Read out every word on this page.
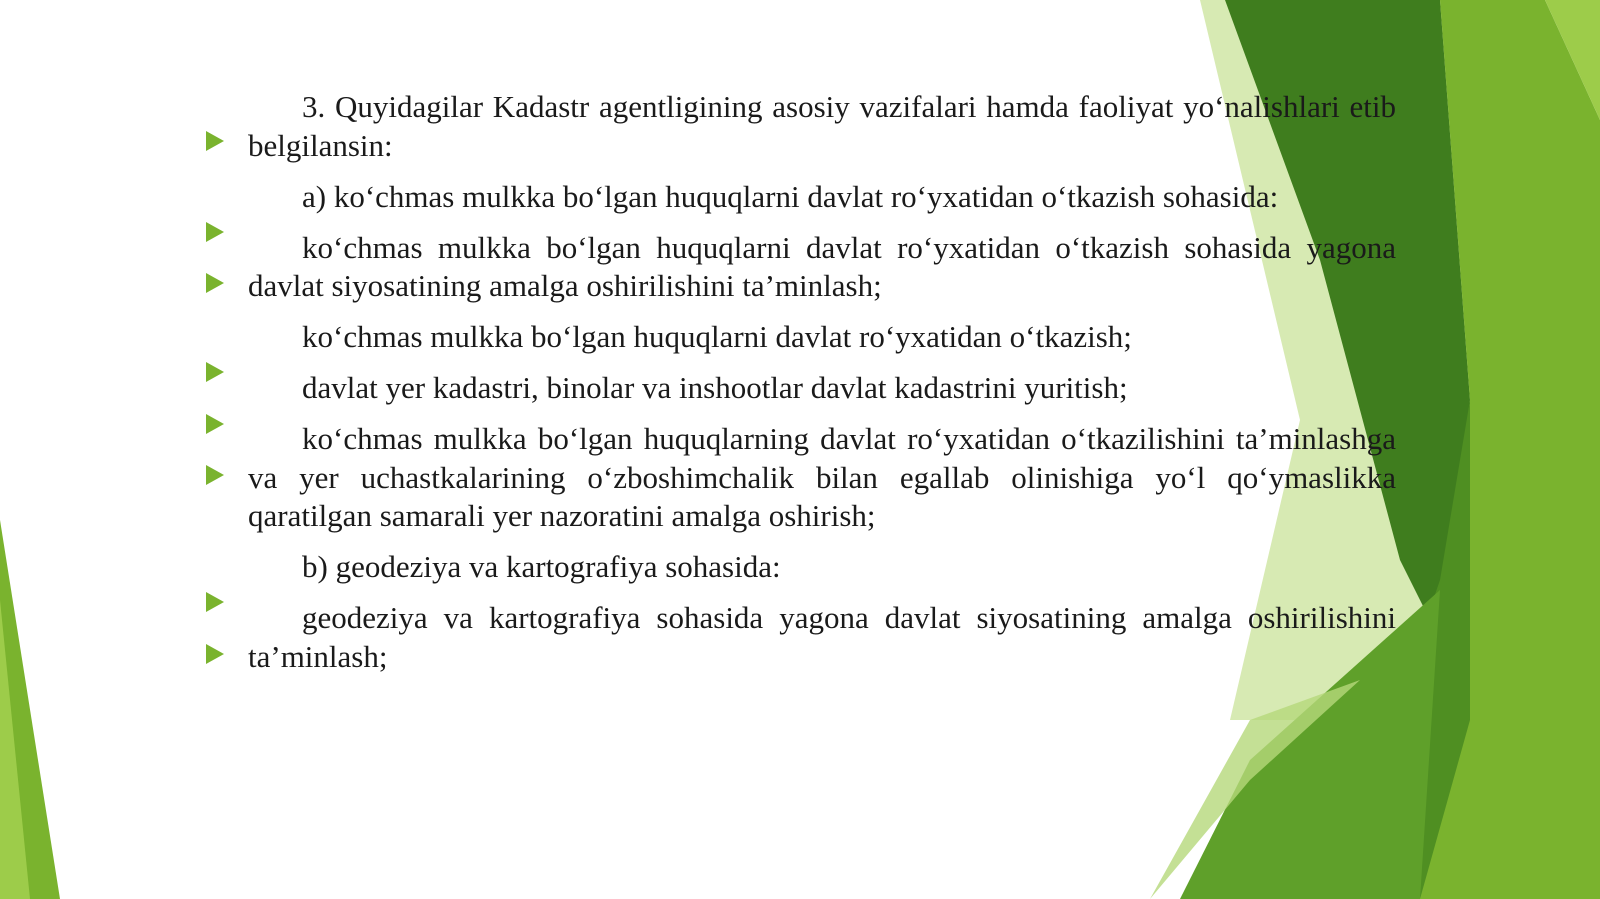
3. Quyidagilar Kadastr agentligining asosiy vazifalari hamda faoliyat yo‘nalishlari etib belgilansin:

a) ko‘chmas mulkka bo‘lgan huquqlarni davlat ro‘yxatidan o‘tkazish sohasida:

ko‘chmas mulkka bo‘lgan huquqlarni davlat ro‘yxatidan o‘tkazish sohasida yagona davlat siyosatining amalga oshirilishini ta’minlash;

ko‘chmas mulkka bo‘lgan huquqlarni davlat ro‘yxatidan o‘tkazish;

davlat yer kadastri, binolar va inshootlar davlat kadastrini yuritish;

ko‘chmas mulkka bo‘lgan huquqlarning davlat ro‘yxatidan o‘tkazilishini ta’minlashga va yer uchastkalarining o‘zboshimchalik bilan egallab olinishiga yo‘l qo‘ymaslikka qaratilgan samarali yer nazoratini amalga oshirish;

b) geodeziya va kartografiya sohasida:

geodeziya va kartografiya sohasida yagona davlat siyosatining amalga oshirilishini ta’minlash;
